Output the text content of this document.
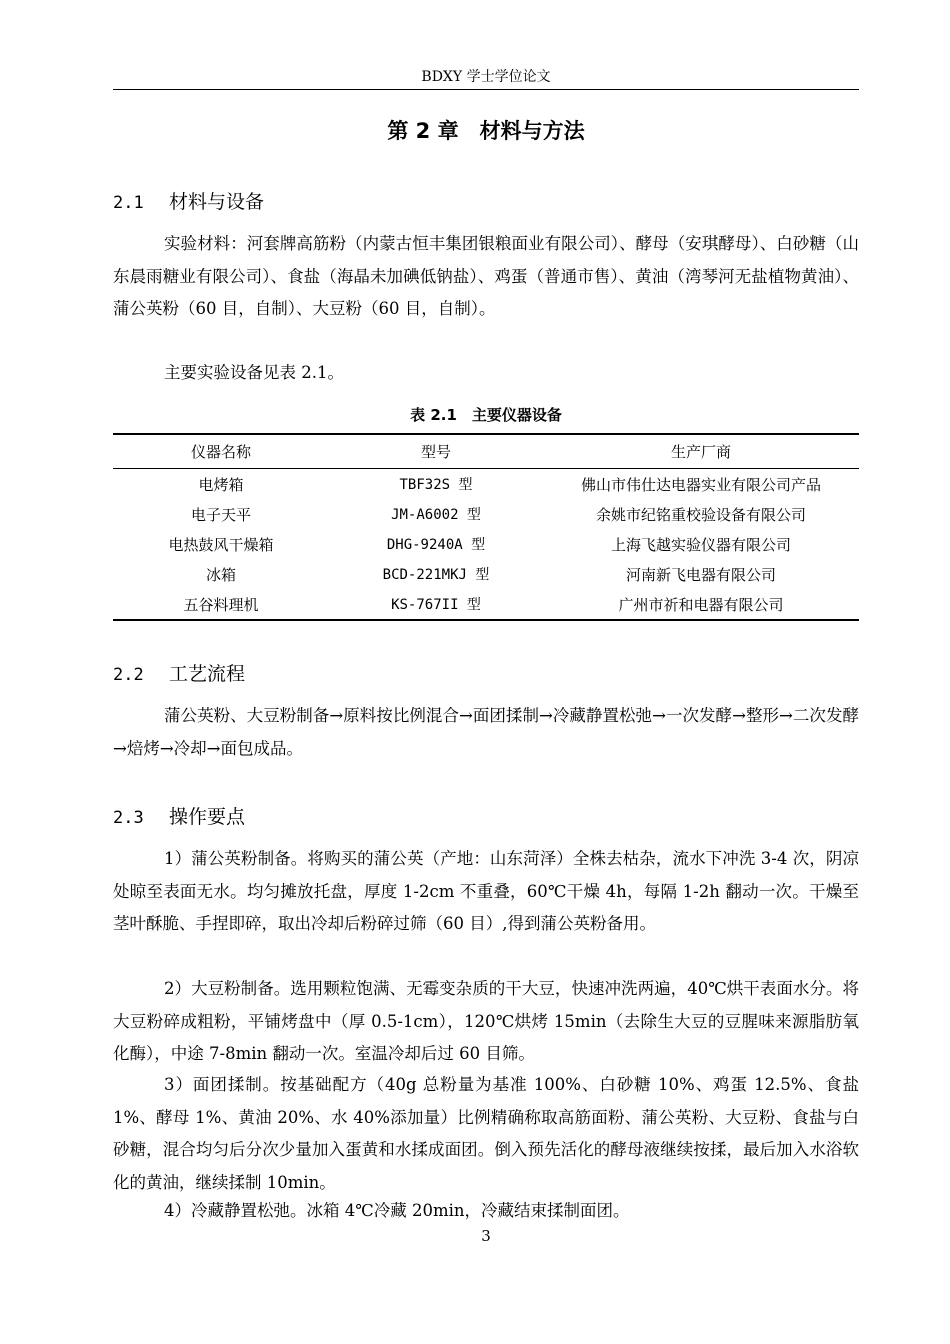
BDXY 学士学位论文
第 2 章　材料与方法
2.1 材料与设备

实验材料：河套牌高筋粉（内蒙古恒丰集团银粮面业有限公司）、酵母（安琪酵母）、白砂糖（山东晨雨糖业有限公司）、食盐（海晶未加碘低钠盐）、鸡蛋（普通市售）、黄油（湾琴河无盐植物黄油）、蒲公英粉（60 目，自制）、大豆粉（60 目，自制）。

主要实验设备见表 2.1。

表 2.1　主要仪器设备
仪器名称	型号	生产厂商
电烤箱	TBF32S 型	佛山市伟仕达电器实业有限公司产品
电子天平	JM-A6002 型	余姚市纪铭重校验设备有限公司
电热鼓风干燥箱	DHG-9240A 型	上海飞越实验仪器有限公司
冰箱	BCD-221MKJ 型	河南新飞电器有限公司
五谷料理机	KS-767II 型	广州市祈和电器有限公司
2.2 工艺流程

蒲公英粉、大豆粉制备→原料按比例混合→面团揉制→冷藏静置松弛→一次发酵→整形→二次发酵→焙烤→冷却→面包成品。

2.3 操作要点

1）蒲公英粉制备。将购买的蒲公英（产地：山东菏泽）全株去枯杂，流水下冲洗 3-4 次，阴凉处晾至表面无水。均匀摊放托盘，厚度 1-2cm 不重叠，60℃干燥 4h，每隔 1-2h 翻动一次。干燥至茎叶酥脆、手捏即碎，取出冷却后粉碎过筛（60 目）,得到蒲公英粉备用。

2）大豆粉制备。选用颗粒饱满、无霉变杂质的干大豆，快速冲洗两遍，40℃烘干表面水分。将大豆粉碎成粗粉，平铺烤盘中（厚 0.5-1cm），120℃烘烤 15min（去除生大豆的豆腥味来源脂肪氧化酶），中途 7-8min 翻动一次。室温冷却后过 60 目筛。

3）面团揉制。按基础配方（40g 总粉量为基准 100%、白砂糖 10%、鸡蛋 12.5%、食盐 1%、酵母 1%、黄油 20%、水 40%添加量）比例精确称取高筋面粉、蒲公英粉、大豆粉、食盐与白砂糖，混合均匀后分次少量加入蛋黄和水揉成面团。倒入预先活化的酵母液继续按揉，最后加入水浴软化的黄油，继续揉制 10min。

4）冷藏静置松弛。冰箱 4℃冷藏 20min，冷藏结束揉制面团。

3
